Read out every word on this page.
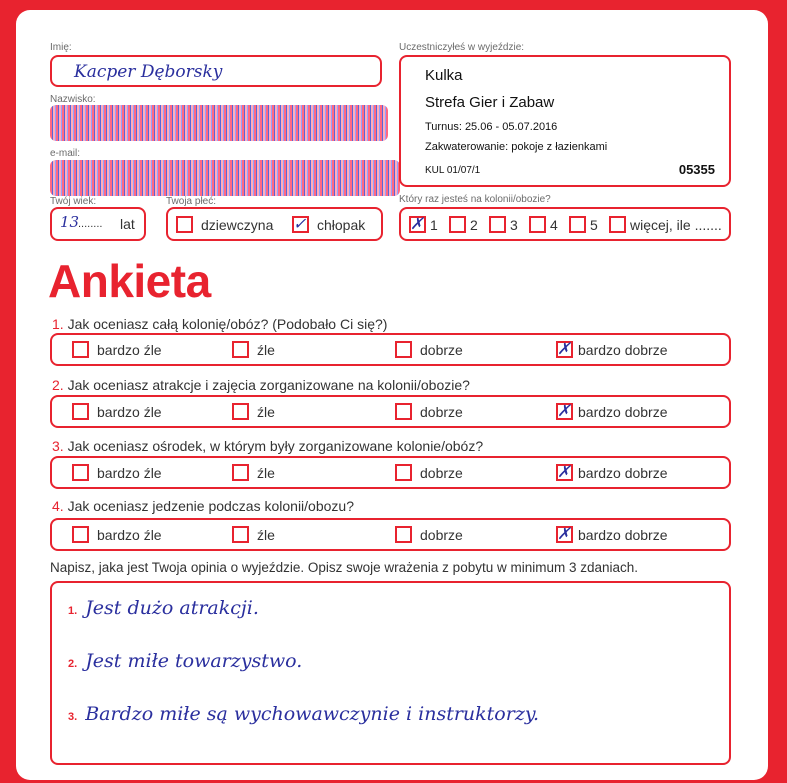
Imię:
Kacper Dęborsky
Nazwisko:
e-mail:
Uczestniczyłeś w wyjeździe:
Kulka
Strefa Gier i Zabaw
Turnus: 25.06 - 05.07.2016
Zakwaterowanie: pokoje z łazienkami
KUL 01/07/1	05355
Twój wiek:
13
........ lat
Twoja płeć:
dziewczyna ✓ chłopak
Który raz jesteś na kolonii/obozie?
✗ 1 2 3 4 5 więcej, ile .......
Ankieta
1. Jak oceniasz całą kolonię/obóz? (Podobało Ci się?)
bardzo źle	źle	dobrze	✗ bardzo dobrze
2. Jak oceniasz atrakcje i zajęcia zorganizowane na kolonii/obozie?
bardzo źle	źle	dobrze	✗ bardzo dobrze
3. Jak oceniasz ośrodek, w którym były zorganizowane kolonie/obóz?
bardzo źle	źle	dobrze	✗ bardzo dobrze
4. Jak oceniasz jedzenie podczas kolonii/obozu?
bardzo źle	źle	dobrze	✗ bardzo dobrze
Napisz, jaka jest Twoja opinia o wyjeździe. Opisz swoje wrażenia z pobytu w minimum 3 zdaniach.
1. Jest dużo atrakcji.
2. Jest miłe towarzystwo.
3. Bardzo miłe są wychowawczynie i instruktorzy.
